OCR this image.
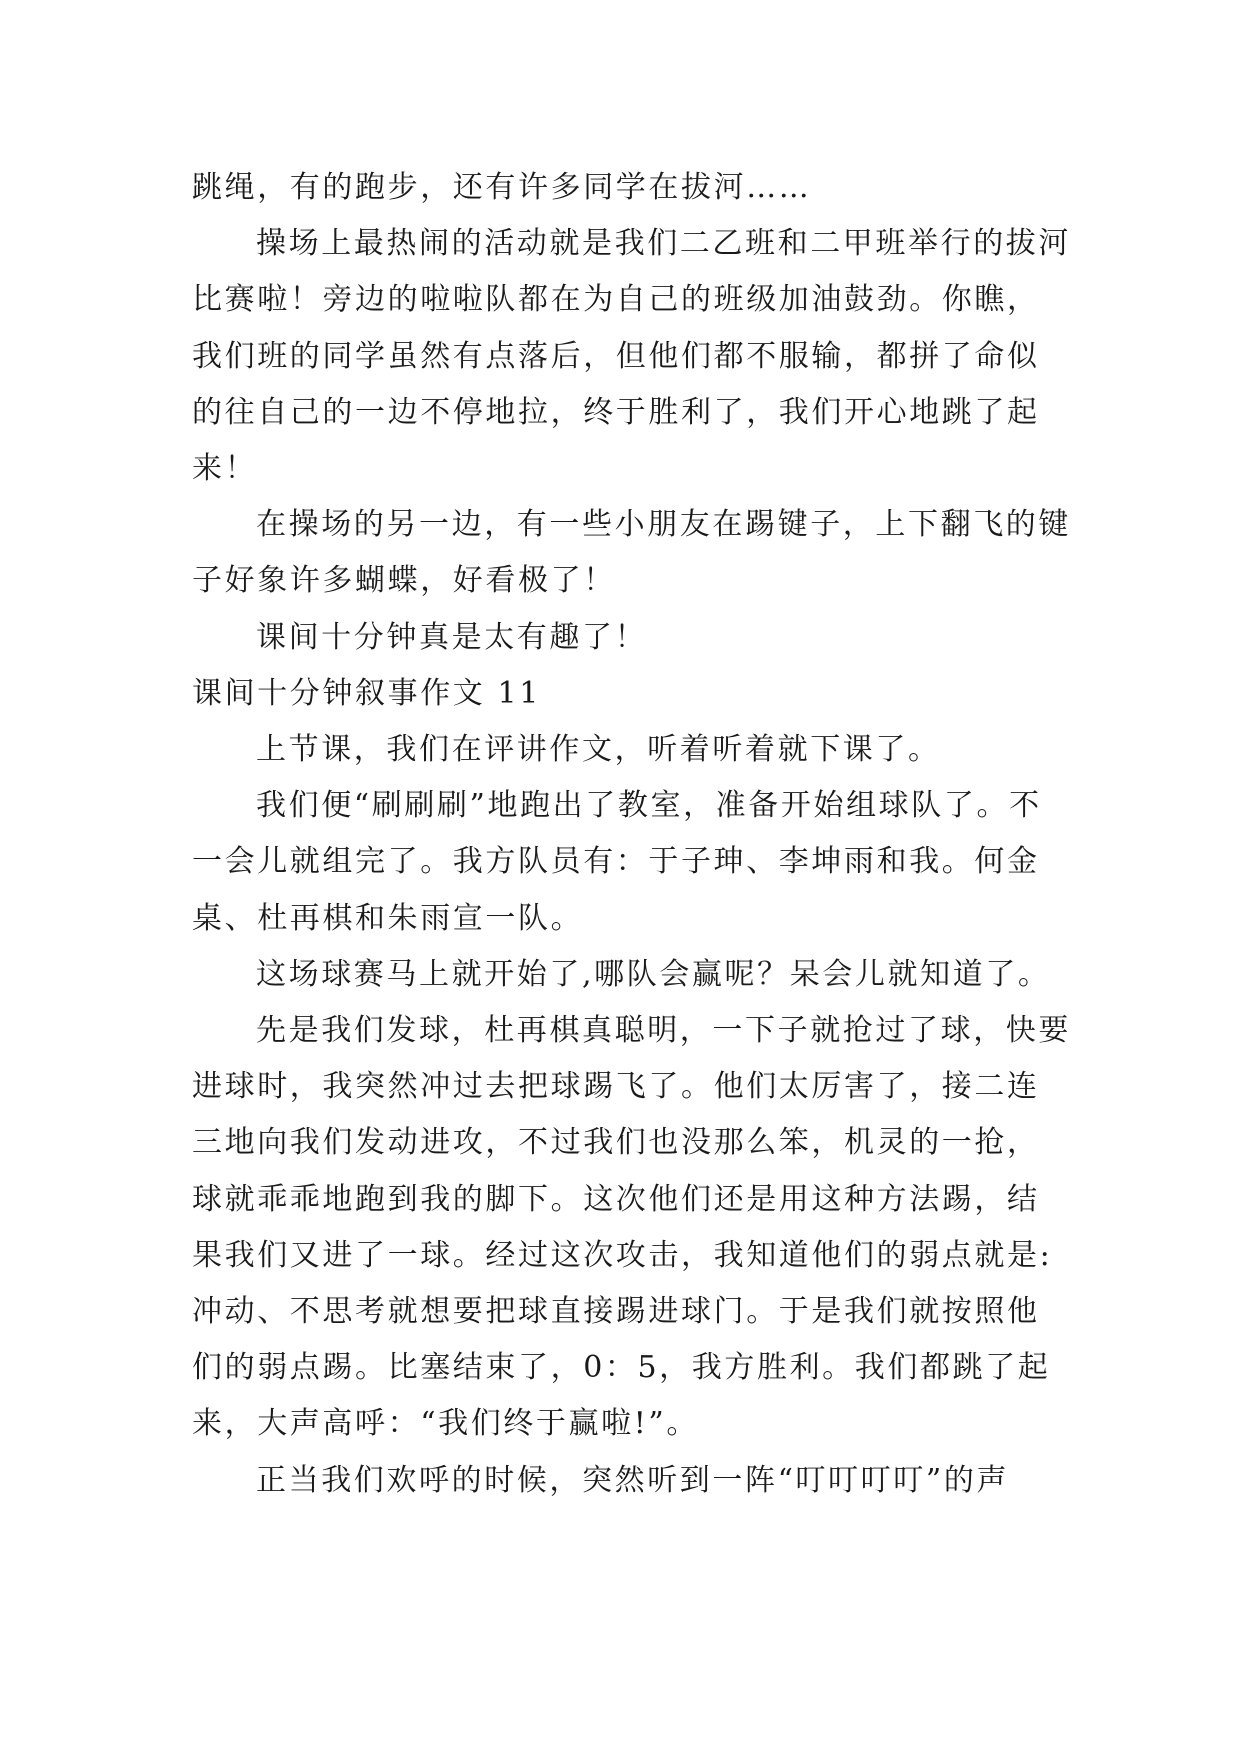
跳绳，有的跑步，还有许多同学在拔河……

操场上最热闹的活动就是我们二乙班和二甲班举行的拔河比赛啦！旁边的啦啦队都在为自己的班级加油鼓劲。你瞧，我们班的同学虽然有点落后，但他们都不服输，都拼了命似的往自己的一边不停地拉，终于胜利了，我们开心地跳了起来！

在操场的另一边，有一些小朋友在踢键子，上下翻飞的键子好象许多蝴蝶，好看极了！

课间十分钟真是太有趣了！

课间十分钟叙事作文 11

上节课，我们在评讲作文，听着听着就下课了。

我们便“刷刷刷”地跑出了教室，准备开始组球队了。不一会儿就组完了。我方队员有：于子珅、李坤雨和我。何金桌、杜再棋和朱雨宣一队。

这场球赛马上就开始了,哪队会赢呢？呆会儿就知道了。

先是我们发球，杜再棋真聪明，一下子就抢过了球，快要进球时，我突然冲过去把球踢飞了。他们太厉害了，接二连三地向我们发动进攻，不过我们也没那么笨，机灵的一抢，球就乖乖地跑到我的脚下。这次他们还是用这种方法踢，结果我们又进了一球。经过这次攻击，我知道他们的弱点就是:冲动、不思考就想要把球直接踢进球门。于是我们就按照他们的弱点踢。比塞结束了，0：5，我方胜利。我们都跳了起来，大声高呼：“我们终于赢啦!”。

正当我们欢呼的时候，突然听到一阵“叮叮叮叮”的声
